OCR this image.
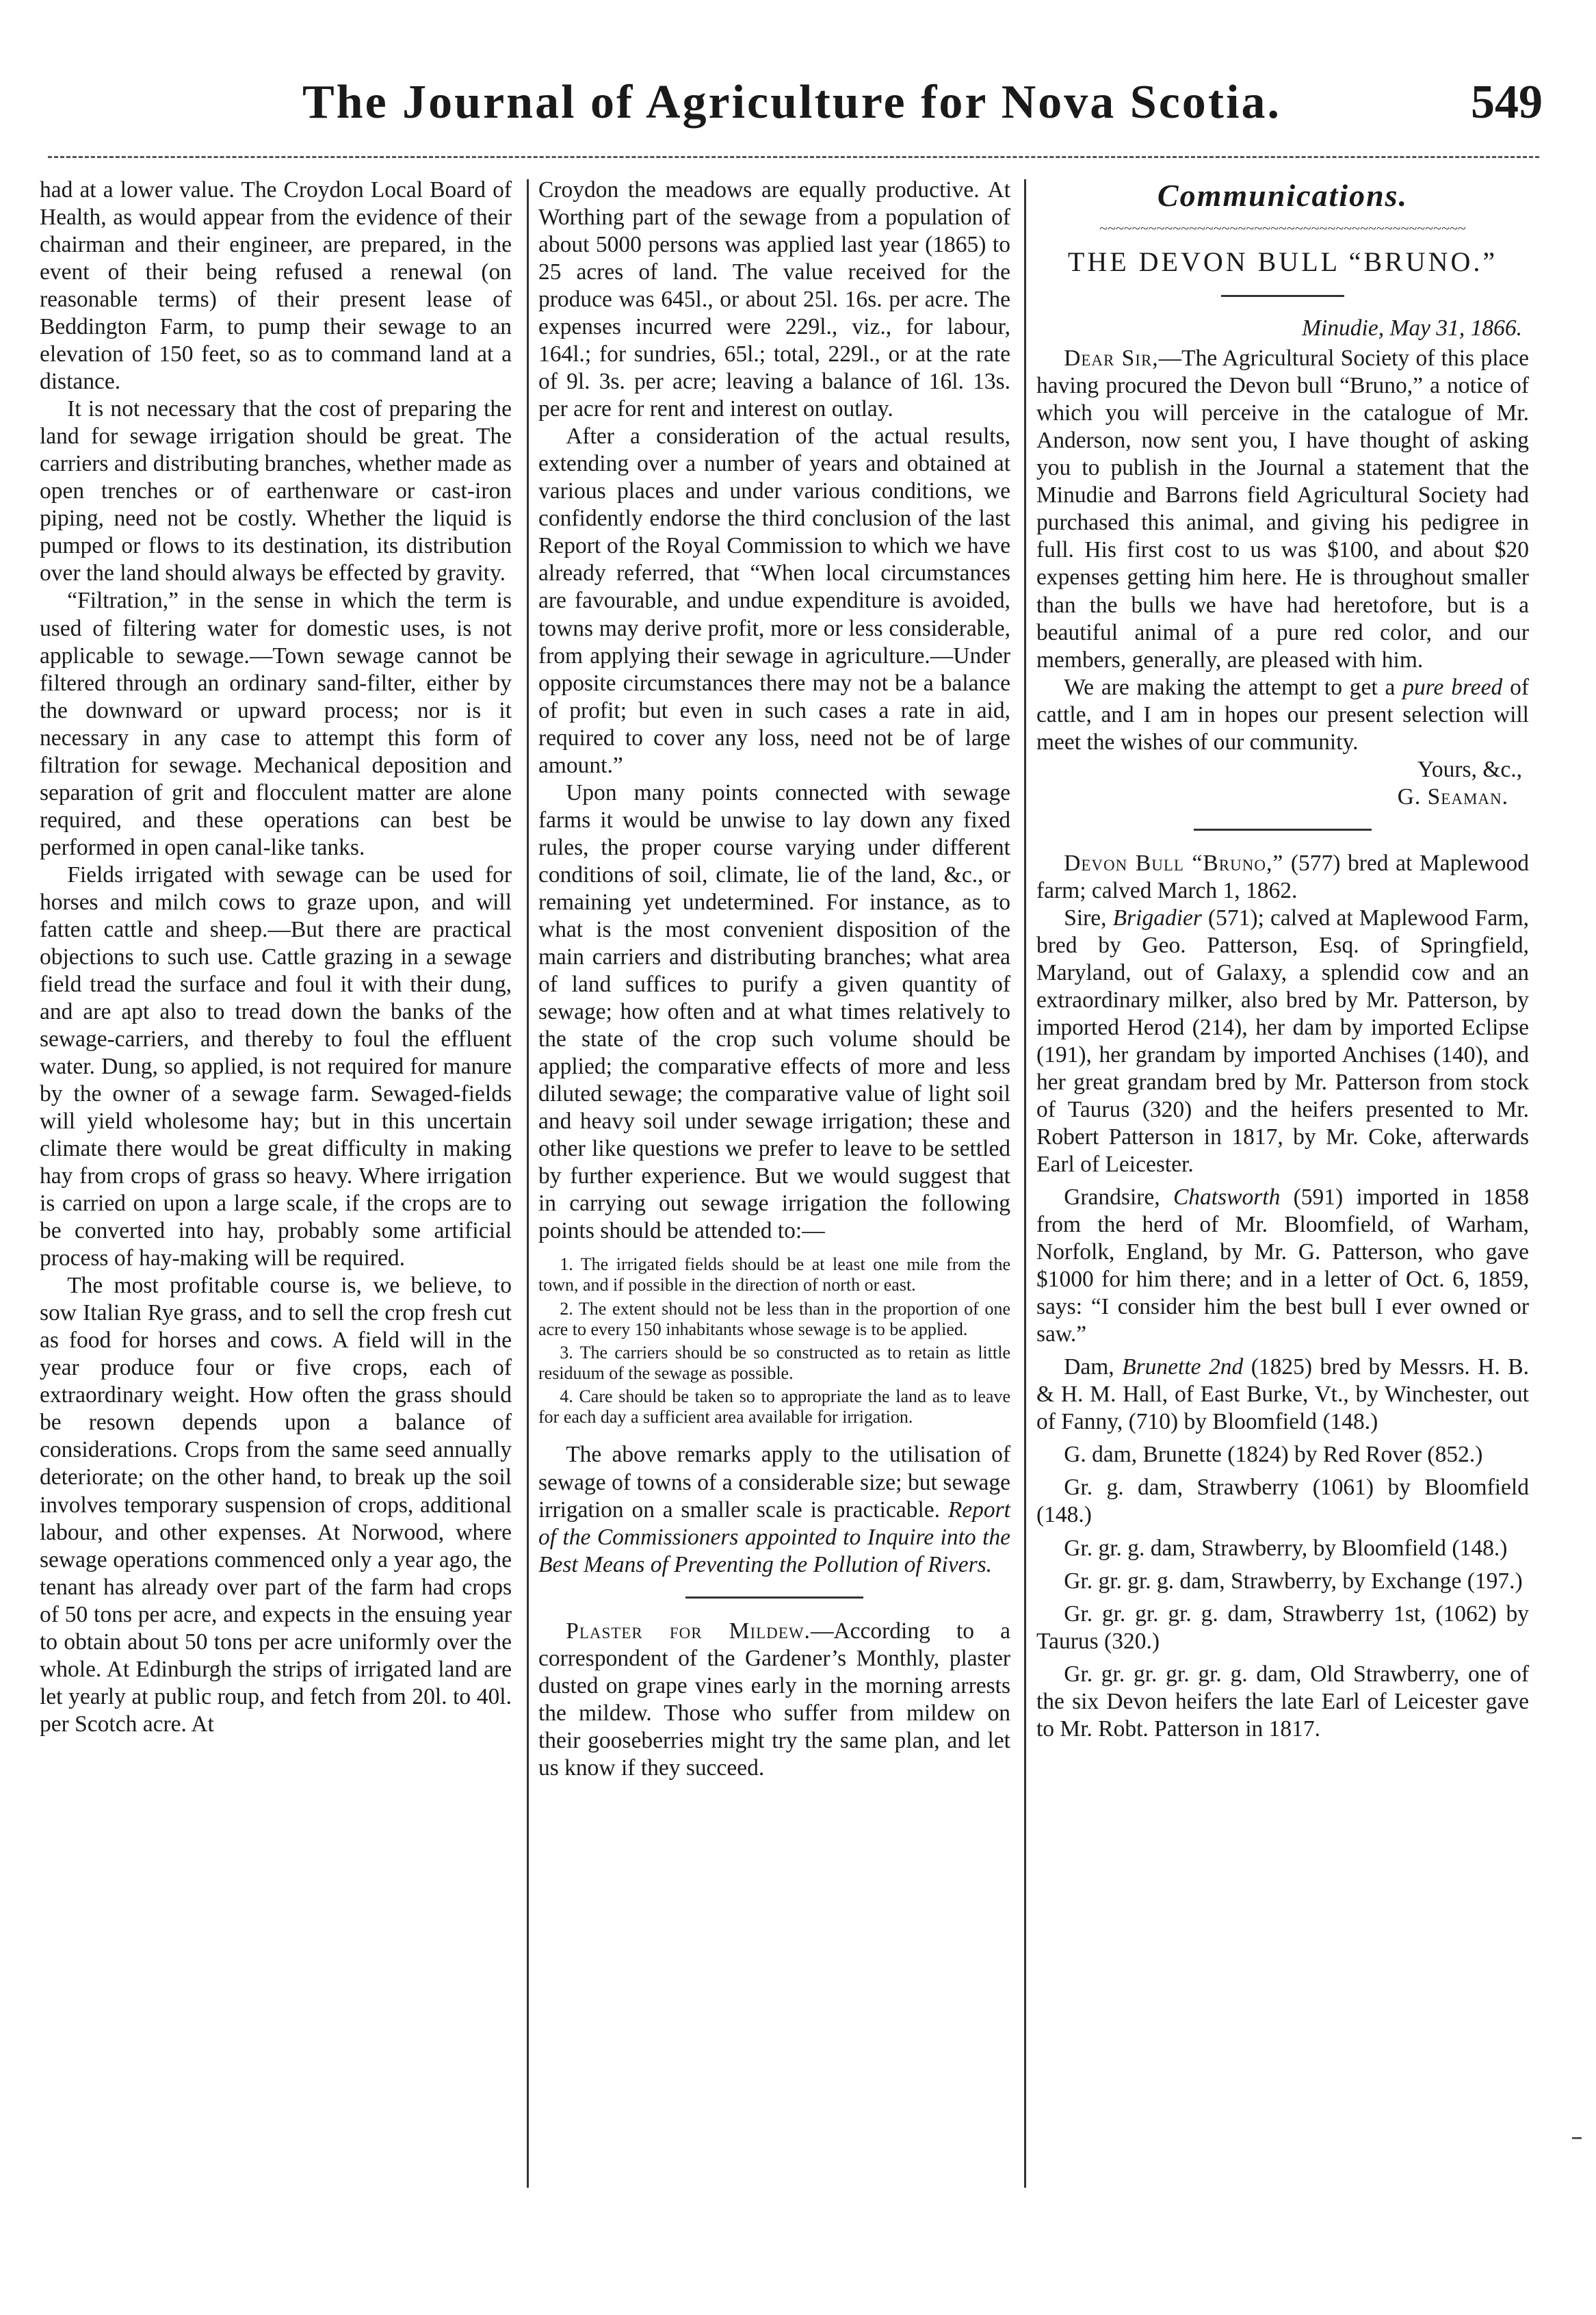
The Journal of Agriculture for Nova Scotia.	549

had at a lower value. The Croydon Local Board of Health, as would appear from the evidence of their chairman and their engineer, are prepared, in the event of their being refused a renewal (on reasonable terms) of their present lease of Beddington Farm, to pump their sewage to an elevation of 150 feet, so as to command land at a distance.

It is not necessary that the cost of preparing the land for sewage irrigation should be great. The carriers and distributing branches, whether made as open trenches or of earthenware or cast-iron piping, need not be costly. Whether the liquid is pumped or flows to its destination, its distribution over the land should always be effected by gravity.

“Filtration,” in the sense in which the term is used of filtering water for domestic uses, is not applicable to sewage.—Town sewage cannot be filtered through an ordinary sand-filter, either by the downward or upward process; nor is it necessary in any case to attempt this form of filtration for sewage. Mechanical deposition and separation of grit and flocculent matter are alone required, and these operations can best be performed in open canal-like tanks.

Fields irrigated with sewage can be used for horses and milch cows to graze upon, and will fatten cattle and sheep.—But there are practical objections to such use. Cattle grazing in a sewage field tread the surface and foul it with their dung, and are apt also to tread down the banks of the sewage-carriers, and thereby to foul the effluent water. Dung, so applied, is not required for manure by the owner of a sewage farm. Sewaged-fields will yield wholesome hay; but in this uncertain climate there would be great difficulty in making hay from crops of grass so heavy. Where irrigation is carried on upon a large scale, if the crops are to be converted into hay, probably some artificial process of hay-making will be required.

The most profitable course is, we believe, to sow Italian Rye grass, and to sell the crop fresh cut as food for horses and cows. A field will in the year produce four or five crops, each of extraordinary weight. How often the grass should be resown depends upon a balance of considerations. Crops from the same seed annually deteriorate; on the other hand, to break up the soil involves temporary suspension of crops, additional labour, and other expenses. At Norwood, where sewage operations commenced only a year ago, the tenant has already over part of the farm had crops of 50 tons per acre, and expects in the ensuing year to obtain about 50 tons per acre uniformly over the whole. At Edinburgh the strips of irrigated land are let yearly at public roup, and fetch from 20l. to 40l. per Scotch acre. At

Croydon the meadows are equally productive. At Worthing part of the sewage from a population of about 5000 persons was applied last year (1865) to 25 acres of land. The value received for the produce was 645l., or about 25l. 16s. per acre. The expenses incurred were 229l., viz., for labour, 164l.; for sundries, 65l.; total, 229l., or at the rate of 9l. 3s. per acre; leaving a balance of 16l. 13s. per acre for rent and interest on outlay.

After a consideration of the actual results, extending over a number of years and obtained at various places and under various conditions, we confidently endorse the third conclusion of the last Report of the Royal Commission to which we have already referred, that “When local circumstances are favourable, and undue expenditure is avoided, towns may derive profit, more or less considerable, from applying their sewage in agriculture.—Under opposite circumstances there may not be a balance of profit; but even in such cases a rate in aid, required to cover any loss, need not be of large amount.”

Upon many points connected with sewage farms it would be unwise to lay down any fixed rules, the proper course varying under different conditions of soil, climate, lie of the land, &c., or remaining yet undetermined. For instance, as to what is the most convenient disposition of the main carriers and distributing branches; what area of land suffices to purify a given quantity of sewage; how often and at what times relatively to the state of the crop such volume should be applied; the comparative effects of more and less diluted sewage; the comparative value of light soil and heavy soil under sewage irrigation; these and other like questions we prefer to leave to be settled by further experience. But we would suggest that in carrying out sewage irrigation the following points should be attended to:—

1. The irrigated fields should be at least one mile from the town, and if possible in the direction of north or east.
2. The extent should not be less than in the proportion of one acre to every 150 inhabitants whose sewage is to be applied.
3. The carriers should be so constructed as to retain as little residuum of the sewage as possible.
4. Care should be taken so to appropriate the land as to leave for each day a sufficient area available for irrigation.

The above remarks apply to the utilisation of sewage of towns of a considerable size; but sewage irrigation on a smaller scale is practicable. Report of the Commissioners appointed to Inquire into the Best Means of Preventing the Pollution of Rivers.

Plaster for Mildew.—According to a correspondent of the Gardener’s Monthly, plaster dusted on grape vines early in the morning arrests the mildew. Those who suffer from mildew on their gooseberries might try the same plan, and let us know if they succeed.

Communications.
~~~~~~~~~~~~~~~~~~~~~~~~~~~~~~~~~~~~~~~~~~~~~
THE DEVON BULL “BRUNO.”
Minudie, May 31, 1866.

Dear Sir,—The Agricultural Society of this place having procured the Devon bull “Bruno,” a notice of which you will perceive in the catalogue of Mr. Anderson, now sent you, I have thought of asking you to publish in the Journal a statement that the Minudie and Barrons field Agricultural Society had purchased this animal, and giving his pedigree in full. His first cost to us was $100, and about $20 expenses getting him here. He is throughout smaller than the bulls we have had heretofore, but is a beautiful animal of a pure red color, and our members, generally, are pleased with him.

We are making the attempt to get a pure breed of cattle, and I am in hopes our present selection will meet the wishes of our community.

Yours, &c.,
G. Seaman.

Devon Bull “Bruno,” (577) bred at Maplewood farm; calved March 1, 1862.

Sire, Brigadier (571); calved at Maplewood Farm, bred by Geo. Patterson, Esq. of Springfield, Maryland, out of Galaxy, a splendid cow and an extraordinary milker, also bred by Mr. Patterson, by imported Herod (214), her dam by imported Eclipse (191), her grandam by imported Anchises (140), and her great grandam bred by Mr. Patterson from stock of Taurus (320) and the heifers presented to Mr. Robert Patterson in 1817, by Mr. Coke, afterwards Earl of Leicester.

Grandsire, Chatsworth (591) imported in 1858 from the herd of Mr. Bloomfield, of Warham, Norfolk, England, by Mr. G. Patterson, who gave $1000 for him there; and in a letter of Oct. 6, 1859, says: “I consider him the best bull I ever owned or saw.”

Dam, Brunette 2nd (1825) bred by Messrs. H. B. & H. M. Hall, of East Burke, Vt., by Winchester, out of Fanny, (710) by Bloomfield (148.)

G. dam, Brunette (1824) by Red Rover (852.)

Gr. g. dam, Strawberry (1061) by Bloomfield (148.)

Gr. gr. g. dam, Strawberry, by Bloomfield (148.)

Gr. gr. gr. g. dam, Strawberry, by Exchange (197.)

Gr. gr. gr. gr. g. dam, Strawberry 1st, (1062) by Taurus (320.)

Gr. gr. gr. gr. gr. g. dam, Old Strawberry, one of the six Devon heifers the late Earl of Leicester gave to Mr. Robt. Patterson in 1817.
